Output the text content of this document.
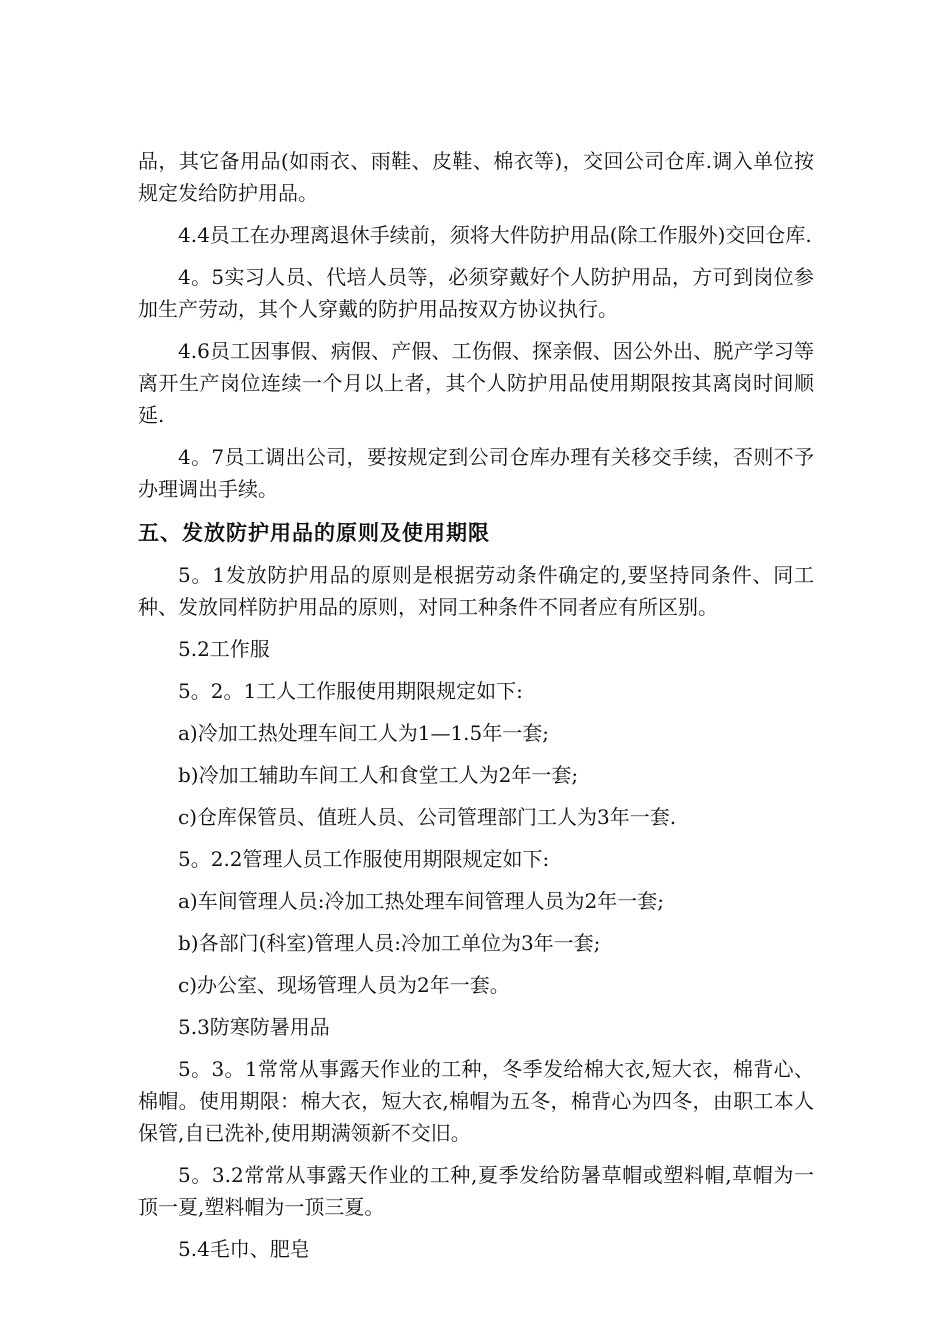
品，其它备用品(如雨衣、雨鞋、皮鞋、棉衣等)，交回公司仓库.调入单位按规定发给防护用品。

4.4员工在办理离退休手续前，须将大件防护用品(除工作服外)交回仓库.

4。5实习人员、代培人员等，必须穿戴好个人防护用品，方可到岗位参加生产劳动，其个人穿戴的防护用品按双方协议执行。

4.6员工因事假、病假、产假、工伤假、探亲假、因公外出、脱产学习等离开生产岗位连续一个月以上者，其个人防护用品使用期限按其离岗时间顺延.

4。7员工调出公司，要按规定到公司仓库办理有关移交手续，否则不予办理调出手续。

五、发放防护用品的原则及使用期限

5。1发放防护用品的原则是根据劳动条件确定的,要坚持同条件、同工种、发放同样防护用品的原则，对同工种条件不同者应有所区别。

5.2工作服

5。2。1工人工作服使用期限规定如下:

a)冷加工热处理车间工人为1—1.5年一套;

b)冷加工辅助车间工人和食堂工人为2年一套;

c)仓库保管员、值班人员、公司管理部门工人为3年一套.

5。2.2管理人员工作服使用期限规定如下:

a)车间管理人员:冷加工热处理车间管理人员为2年一套;

b)各部门(科室)管理人员:冷加工单位为3年一套;

c)办公室、现场管理人员为2年一套。

5.3防寒防暑用品

5。3。1常常从事露天作业的工种，冬季发给棉大衣,短大衣，棉背心、棉帽。使用期限：棉大衣，短大衣,棉帽为五冬，棉背心为四冬，由职工本人保管,自已洗补,使用期满领新不交旧。

5。3.2常常从事露天作业的工种,夏季发给防暑草帽或塑料帽,草帽为一顶一夏,塑料帽为一顶三夏。

5.4毛巾、肥皂
